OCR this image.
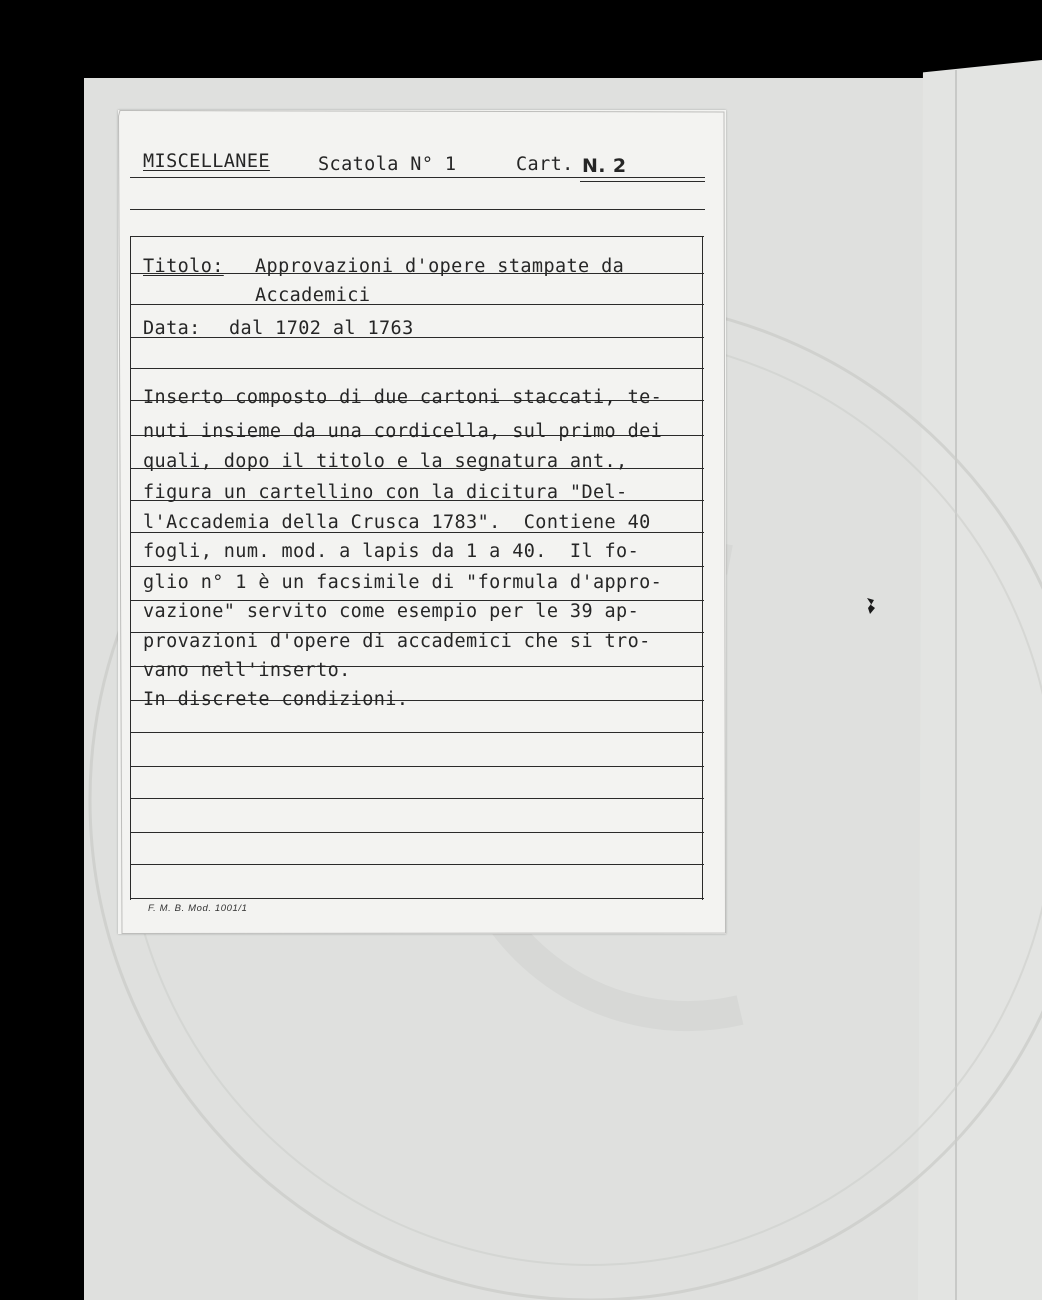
MISCELLANEE	Scatola N° 1	Cart. N. 2
Titolo: Approvazioni d'opere stampate da
Accademici
Data: dal 1702 al 1763
Inserto composto di due cartoni staccati, te-
nuti insieme da una cordicella, sul primo dei
quali, dopo il titolo e la segnatura ant.,
figura un cartellino con la dicitura "Del-
l'Accademia della Crusca 1783".  Contiene 40
fogli, num. mod. a lapis da 1 a 40.  Il fo-
glio n° 1 è un facsimile di "formula d'appro-
vazione" servito come esempio per le 39 ap-
provazioni d'opere di accademici che si tro-
vano nell'inserto.
In discrete condizioni.
F. M. B. Mod. 1001/1
